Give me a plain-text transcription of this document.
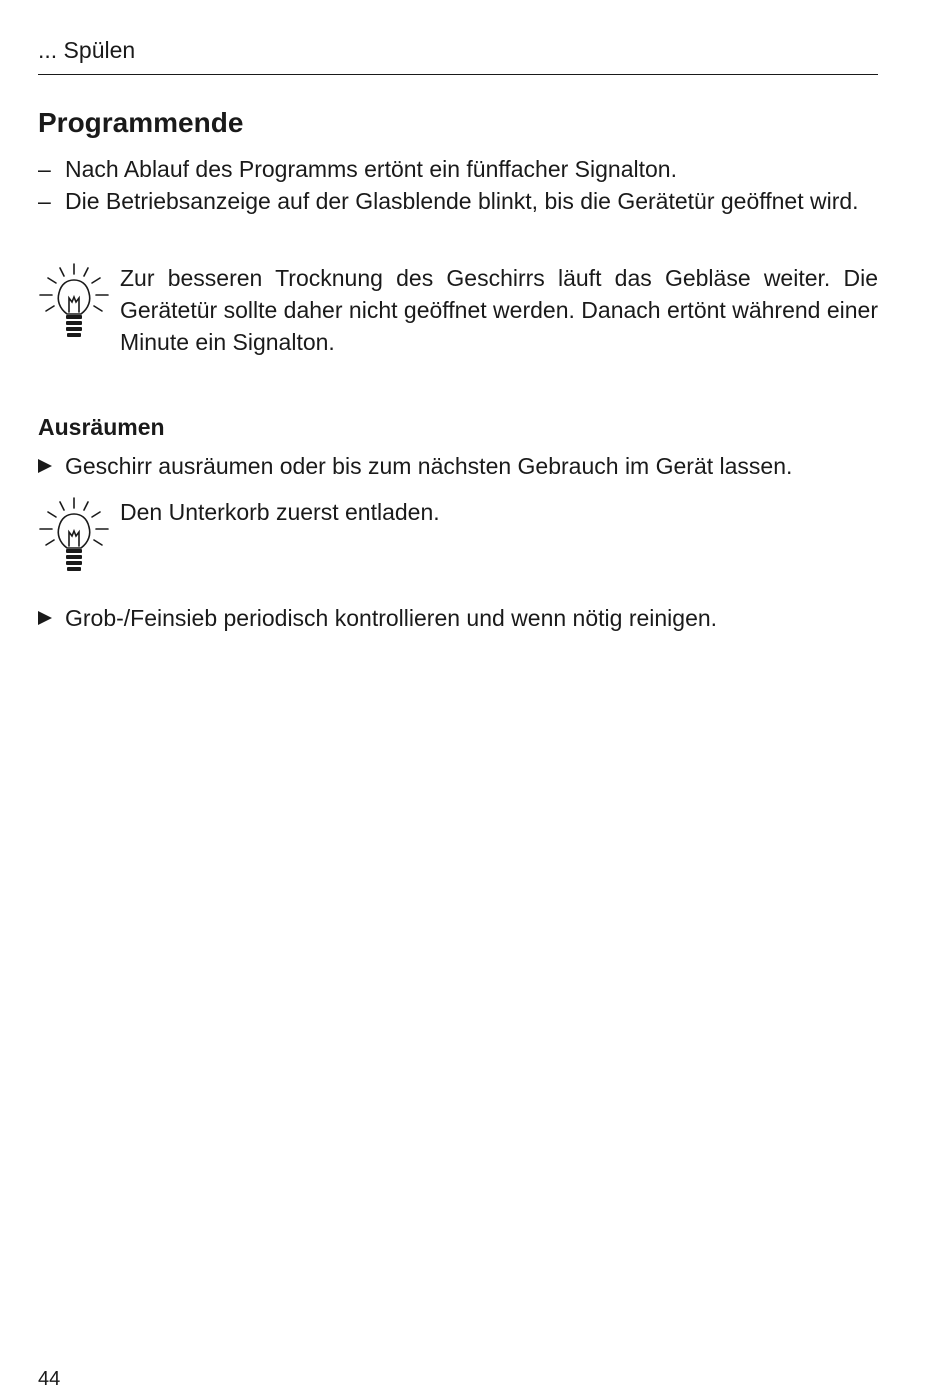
... Spülen
Programmende
– Nach Ablauf des Programms ertönt ein fünffacher Signalton.
– Die Betriebsanzeige auf der Glasblende blinkt, bis die Gerätetür geöffnet wird.
Zur besseren Trocknung des Geschirrs läuft das Gebläse weiter. Die Gerätetür sollte daher nicht geöffnet werden. Danach ertönt während einer Minute ein Signalton.
Ausräumen
Geschirr ausräumen oder bis zum nächsten Gebrauch im Gerät lassen.
Den Unterkorb zuerst entladen.
Grob-/Feinsieb periodisch kontrollieren und wenn nötig reinigen.
44
